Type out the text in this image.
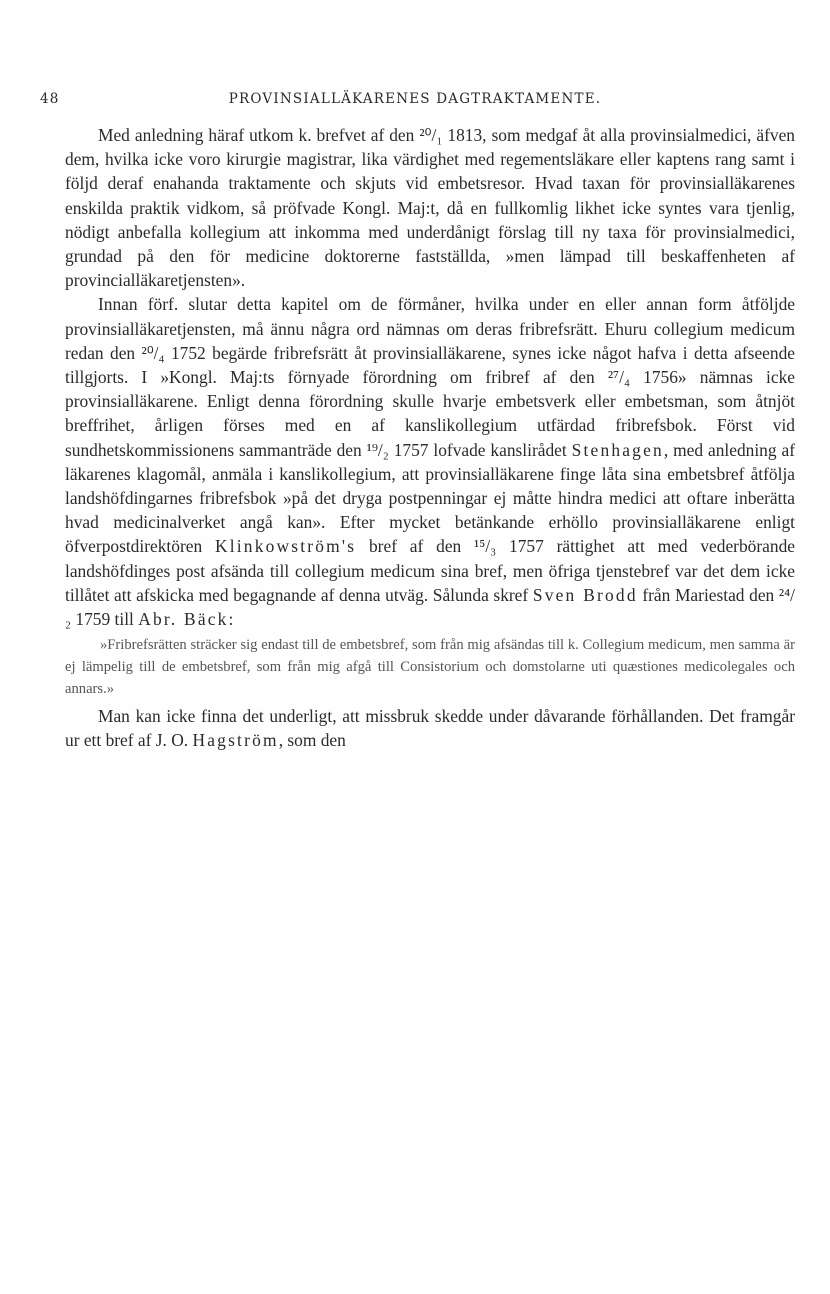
48	PROVINSIALLÄKARENES DAGTRAKTAMENTE.

Med anledning häraf utkom k. brefvet af den ²⁰/₁ 1813, som medgaf åt alla provinsialmedici, äfven dem, hvilka icke voro kirurgie magistrar, lika värdighet med regementsläkare eller kaptens rang samt i följd deraf enahanda traktamente och skjuts vid embetsresor. Hvad taxan för provinsialläkarenes enskilda praktik vidkom, så pröfvade Kongl. Maj:t, då en fullkomlig likhet icke syntes vara tjenlig, nödigt anbefalla kollegium att inkomma med underdånigt förslag till ny taxa för provinsialmedici, grundad på den för medicine doktorerne fastställda, »men lämpad till beskaffenheten af provincialläkaretjensten».

Innan förf. slutar detta kapitel om de förmåner, hvilka under en eller annan form åtföljde provinsialläkaretjensten, må ännu några ord nämnas om deras fribrefsrätt. Ehuru collegium medicum redan den ²⁰/₄ 1752 begärde fribrefsrätt åt provinsialläkarene, synes icke något hafva i detta afseende tillgjorts. I »Kongl. Maj:ts förnyade förordning om fribref af den ²⁷/₄ 1756» nämnas icke provinsialläkarene. Enligt denna förordning skulle hvarje embetsverk eller embetsman, som åtnjöt breffrihet, årligen förses med en af kanslikollegium utfärdad fribrefsbok. Först vid sundhetskommissionens sammanträde den ¹⁹/₂ 1757 lofvade kanslirådet Stenhagen, med anledning af läkarenes klagomål, anmäla i kanslikollegium, att provinsialläkarene finge låta sina embetsbref åtfölja landshöfdingarnes fribrefsbok »på det dryga postpenningar ej måtte hindra medici att oftare inberätta hvad medicinalverket angå kan». Efter mycket betänkande erhöllo provinsialläkarene enligt öfverpostdirektören Klinkowström's bref af den ¹⁵/₃ 1757 rättighet att med vederbörande landshöfdinges post afsända till collegium medicum sina bref, men öfriga tjenstebref var det dem icke tillåtet att afskicka med begagnande af denna utväg. Sålunda skref Sven Brodd från Mariestad den ²⁴/₂ 1759 till Abr. Bäck:

»Fribrefsrätten sträcker sig endast till de embetsbref, som från mig afsändas till k. Collegium medicum, men samma är ej lämpelig till de embetsbref, som från mig afgå till Consistorium och domstolarne uti quæstiones medicolegales och annars.»

Man kan icke finna det underligt, att missbruk skedde under dåvarande förhållanden. Det framgår ur ett bref af J. O. Hagström, som den
